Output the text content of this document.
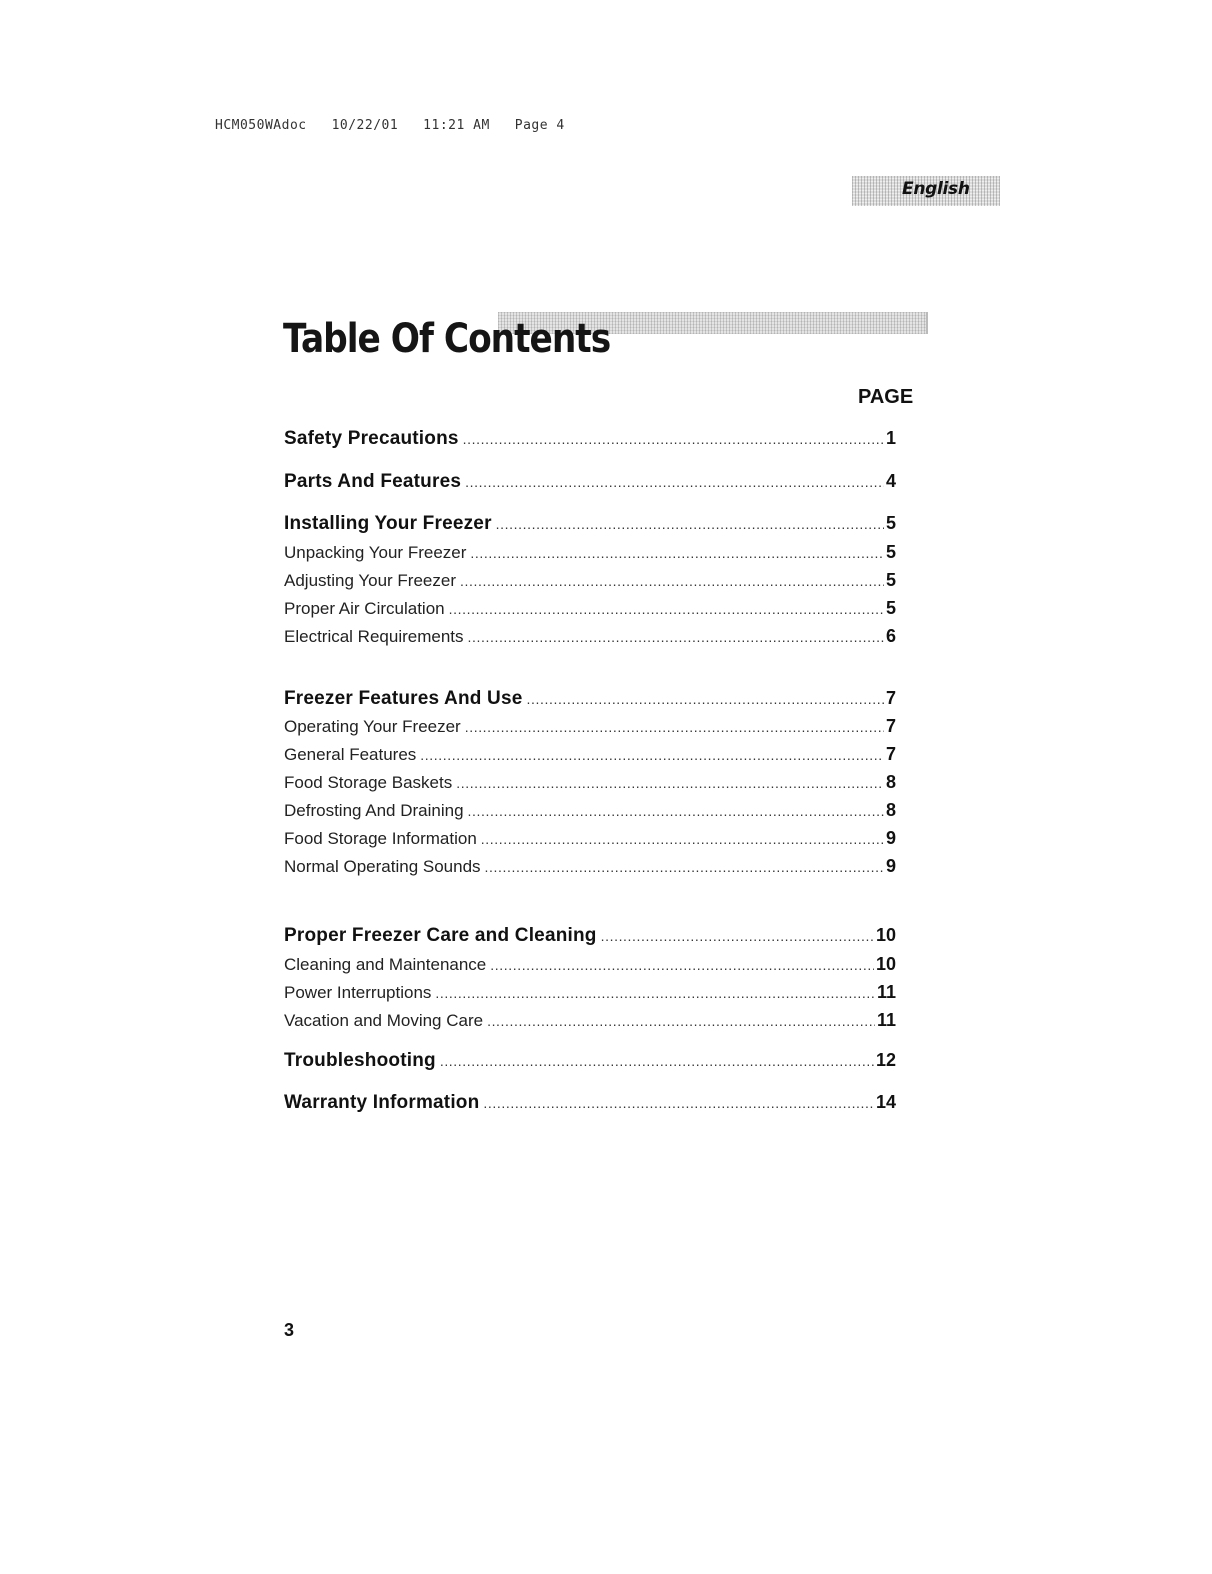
HCM050WAdoc   10/22/01   11:21 AM   Page 4
English
Table Of Contents
PAGE
Safety Precautions .....	1
Parts And Features .....	4
Installing Your Freezer .....	5
Unpacking Your Freezer .....	5
Adjusting Your Freezer .....	5
Proper Air Circulation .....	5
Electrical Requirements .....	6
Freezer Features And Use .....	7
Operating Your Freezer .....	7
General Features .....	7
Food Storage Baskets .....	8
Defrosting And Draining .....	8
Food Storage Information .....	9
Normal Operating Sounds .....	9
Proper Freezer Care and Cleaning .....	10
Cleaning and Maintenance .....	10
Power Interruptions .....	11
Vacation and Moving Care .....	11
Troubleshooting .....	12
Warranty Information .....	14
3
